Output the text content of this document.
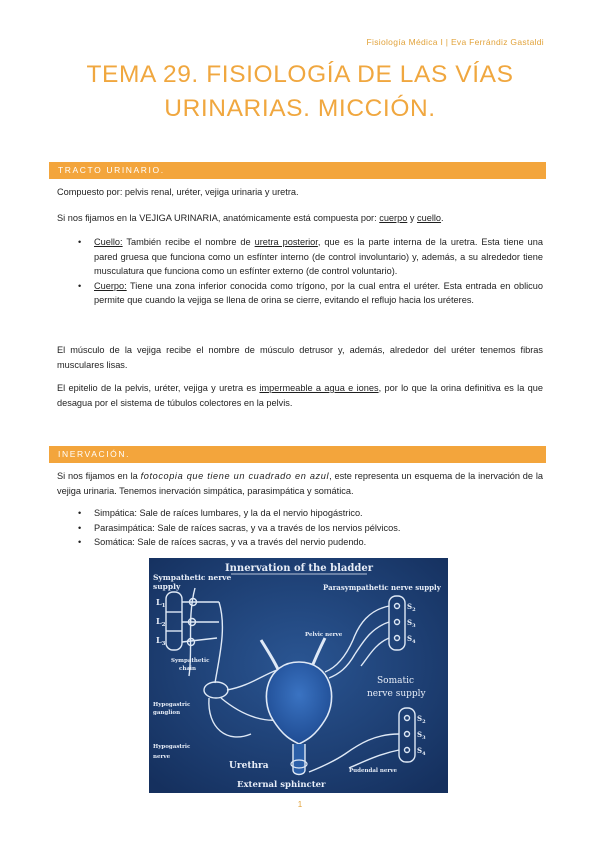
Fisiología Médica I | Eva Ferrándiz Gastaldi
TEMA 29. FISIOLOGÍA DE LAS VÍAS
URINARIAS. MICCIÓN.
TRACTO URINARIO.
Compuesto por: pelvis renal, uréter, vejiga urinaria y uretra.
Si nos fijamos en la VEJIGA URINARIA, anatómicamente está compuesta por: cuerpo y cuello.
• Cuello: También recibe el nombre de uretra posterior, que es la parte interna de la uretra. Esta tiene una pared gruesa que funciona como un esfínter interno (de control involuntario) y, además, a su alrededor tiene musculatura que funciona como un esfínter externo (de control voluntario).
• Cuerpo: Tiene una zona inferior conocida como trígono, por la cual entra el uréter. Esta entrada en oblicuo permite que cuando la vejiga se llena de orina se cierre, evitando el reflujo hacia los uréteres.
El músculo de la vejiga recibe el nombre de músculo detrusor y, además, alrededor del uréter tenemos fibras musculares lisas.
El epitelio de la pelvis, uréter, vejiga y uretra es impermeable a agua e iones, por lo que la orina definitiva es la que desagua por el sistema de túbulos colectores en la pelvis.
INERVACIÓN.
Si nos fijamos en la fotocopia que tiene un cuadrado en azul, este representa un esquema de la inervación de la vejiga urinaria. Tenemos inervación simpática, parasimpática y somática.
• Simpática: Sale de raíces lumbares, y la da el nervio hipogástrico.
• Parasimpática: Sale de raíces sacras, y va a través de los nervios pélvicos.
• Somática: Sale de raíces sacras, y va a través del nervio pudendo.
Innervation of the bladder
Sympathetic nerve
supply
$L_1$
$L_2$
$L_3$
Sympathetic
chain
Parasympathetic nerve supply
$S_2$
$S_3$
$S_4$
Pelvic nerve
Somatic
nerve supply
$S_2$
$S_3$
$S_4$
Hypogastric
ganglion
Hypogastric
nerve
Urethra	Pudendal nerve
External sphincter
1
